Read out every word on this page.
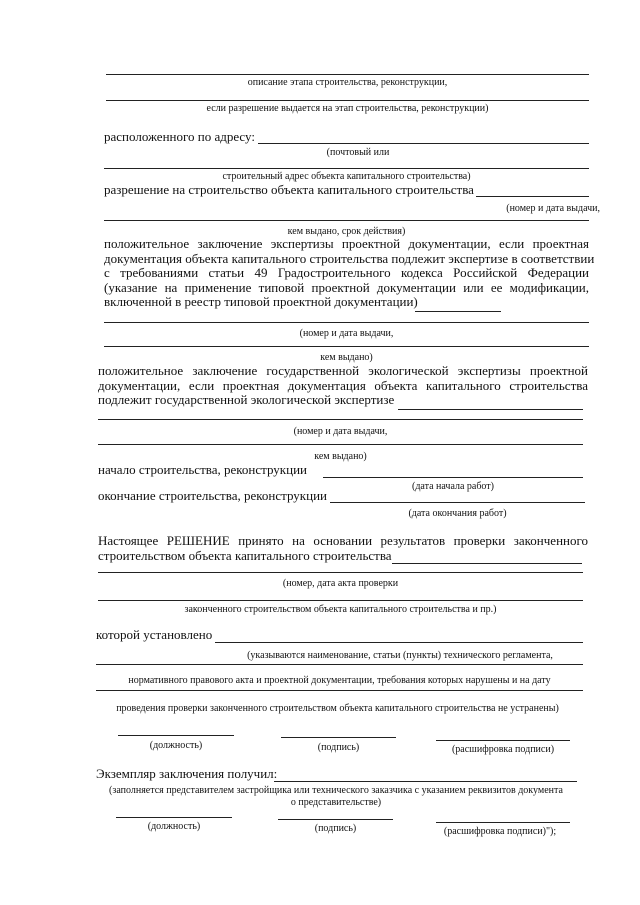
описание этапа строительства, реконструкции,
если разрешение выдается на этап строительства, реконструкции)
расположенного по адресу:
(почтовый или
строительный адрес объекта капитального строительства)
разрешение на строительство объекта капитального строительства
(номер и дата выдачи,
кем выдано, срок действия)
положительное заключение экспертизы проектной документации, если проектная
документация объекта капитального строительства подлежит экспертизе в соответствии
с требованиями статьи 49 Градостроительного кодекса Российской Федерации
(указание на применение типовой проектной документации или ее модификации,
включенной в реестр типовой проектной документации)
(номер и дата выдачи,
кем выдано)
положительное заключение государственной экологической экспертизы проектной
документации, если проектная документация объекта капитального строительства
подлежит государственной экологической экспертизе
(номер и дата выдачи,
кем выдано)
начало строительства, реконструкции
(дата начала работ)
окончание строительства, реконструкции
(дата окончания работ)
Настоящее РЕШЕНИЕ принято на основании результатов проверки законченного
строительством объекта капитального строительства
(номер, дата акта проверки
законченного строительством объекта капитального строительства и пр.)
которой установлено
(указываются наименование, статьи (пункты) технического регламента,
нормативного правового акта и проектной документации, требования которых нарушены и на дату
проведения проверки законченного строительством объекта капитального строительства не устранены)
(должность)	(подпись)	(расшифровка подписи)
Экземпляр заключения получил:
(заполняется представителем застройщика или технического заказчика с указанием реквизитов документа
о представительстве)
(должность)	(подпись)	(расшифровка подписи)");
